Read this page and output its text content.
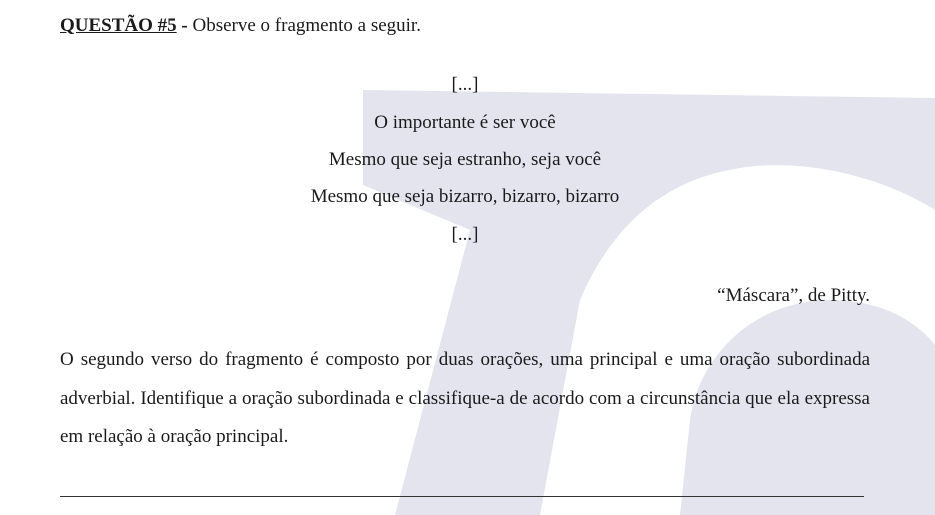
QUESTÃO #5 - Observe o fragmento a seguir.
[...]
O importante é ser você
Mesmo que seja estranho, seja você
Mesmo que seja bizarro, bizarro, bizarro
[...]
“Máscara”, de Pitty.

O segundo verso do fragmento é composto por duas orações, uma principal e uma oração subordinada adverbial. Identifique a oração subordinada e classifique-a de acordo com a circunstância que ela expressa em relação à oração principal.
